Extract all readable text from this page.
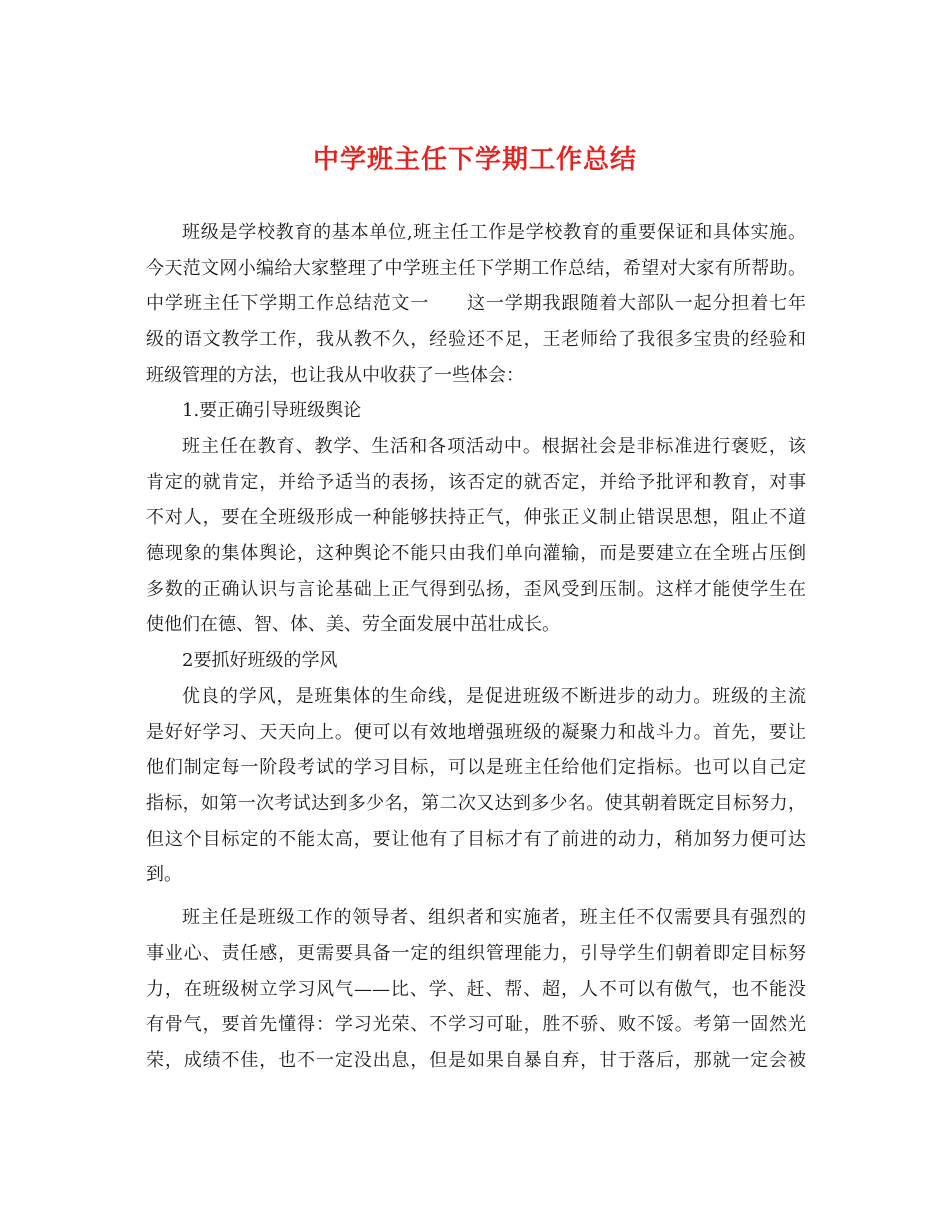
中学班主任下学期工作总结

班级是学校教育的基本单位,班主任工作是学校教育的重要保证和具体实施。

今天范文网小编给大家整理了中学班主任下学期工作总结，希望对大家有所帮助。

中学班主任下学期工作总结范文一　　这一学期我跟随着大部队一起分担着七年

级的语文教学工作，我从教不久，经验还不足，王老师给了我很多宝贵的经验和

班级管理的方法，也让我从中收获了一些体会：

1.要正确引导班级舆论

班主任在教育、教学、生活和各项活动中。根据社会是非标准进行褒贬，该

肯定的就肯定，并给予适当的表扬，该否定的就否定，并给予批评和教育，对事

不对人，要在全班级形成一种能够扶持正气，伸张正义制止错误思想，阻止不道

德现象的集体舆论，这种舆论不能只由我们单向灌输，而是要建立在全班占压倒

多数的正确认识与言论基础上正气得到弘扬，歪风受到压制。这样才能使学生在

使他们在德、智、体、美、劳全面发展中茁壮成长。

2要抓好班级的学风

优良的学风，是班集体的生命线，是促进班级不断进步的动力。班级的主流

是好好学习、天天向上。便可以有效地增强班级的凝聚力和战斗力。首先，要让

他们制定每一阶段考试的学习目标，可以是班主任给他们定指标。也可以自己定

指标，如第一次考试达到多少名，第二次又达到多少名。使其朝着既定目标努力，

但这个目标定的不能太高，要让他有了目标才有了前进的动力，稍加努力便可达

到。

班主任是班级工作的领导者、组织者和实施者，班主任不仅需要具有强烈的

事业心、责任感，更需要具备一定的组织管理能力，引导学生们朝着即定目标努

力，在班级树立学习风气——比、学、赶、帮、超，人不可以有傲气，也不能没

有骨气，要首先懂得：学习光荣、不学习可耻，胜不骄、败不馁。考第一固然光

荣，成绩不佳，也不一定没出息，但是如果自暴自弃，甘于落后，那就一定会被
